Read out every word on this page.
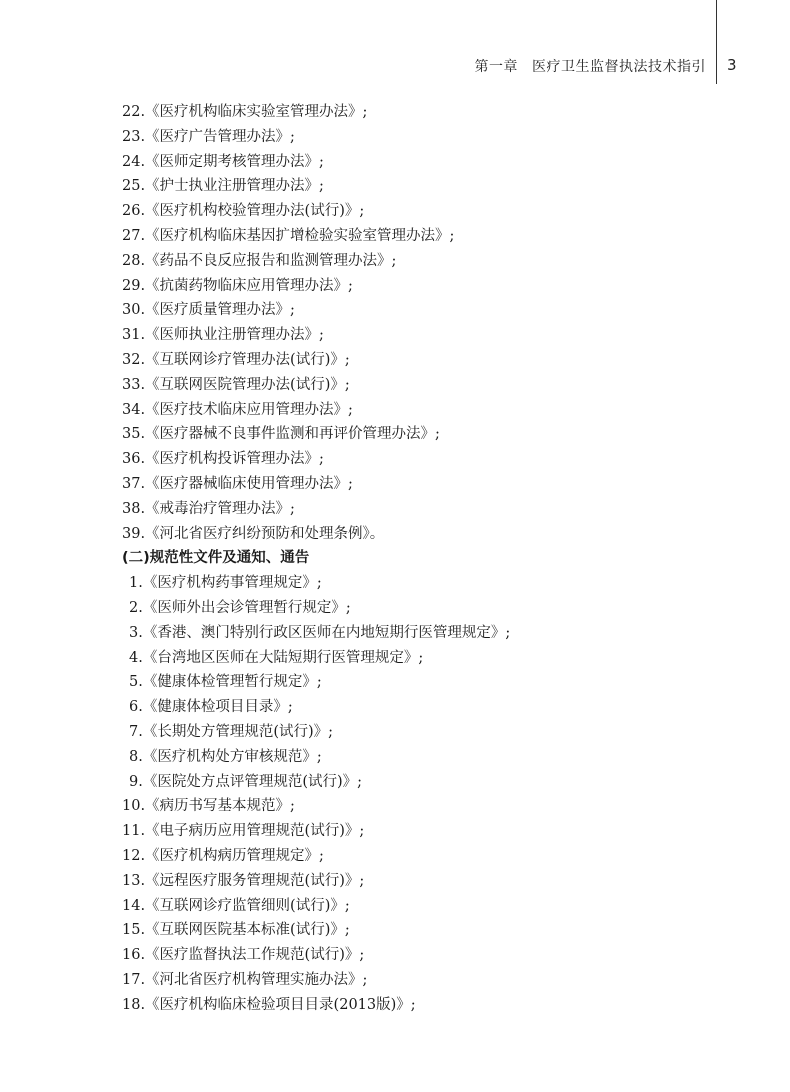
第一章 医疗卫生监督执法技术指引 3
22.《医疗机构临床实验室管理办法》;
23.《医疗广告管理办法》;
24.《医师定期考核管理办法》;
25.《护士执业注册管理办法》;
26.《医疗机构校验管理办法(试行)》;
27.《医疗机构临床基因扩增检验实验室管理办法》;
28.《药品不良反应报告和监测管理办法》;
29.《抗菌药物临床应用管理办法》;
30.《医疗质量管理办法》;
31.《医师执业注册管理办法》;
32.《互联网诊疗管理办法(试行)》;
33.《互联网医院管理办法(试行)》;
34.《医疗技术临床应用管理办法》;
35.《医疗器械不良事件监测和再评价管理办法》;
36.《医疗机构投诉管理办法》;
37.《医疗器械临床使用管理办法》;
38.《戒毒治疗管理办法》;
39.《河北省医疗纠纷预防和处理条例》。
(二)规范性文件及通知、通告
1.《医疗机构药事管理规定》;
2.《医师外出会诊管理暂行规定》;
3.《香港、澳门特别行政区医师在内地短期行医管理规定》;
4.《台湾地区医师在大陆短期行医管理规定》;
5.《健康体检管理暂行规定》;
6.《健康体检项目目录》;
7.《长期处方管理规范(试行)》;
8.《医疗机构处方审核规范》;
9.《医院处方点评管理规范(试行)》;
10.《病历书写基本规范》;
11.《电子病历应用管理规范(试行)》;
12.《医疗机构病历管理规定》;
13.《远程医疗服务管理规范(试行)》;
14.《互联网诊疗监管细则(试行)》;
15.《互联网医院基本标准(试行)》;
16.《医疗监督执法工作规范(试行)》;
17.《河北省医疗机构管理实施办法》;
18.《医疗机构临床检验项目目录(2013版)》;
